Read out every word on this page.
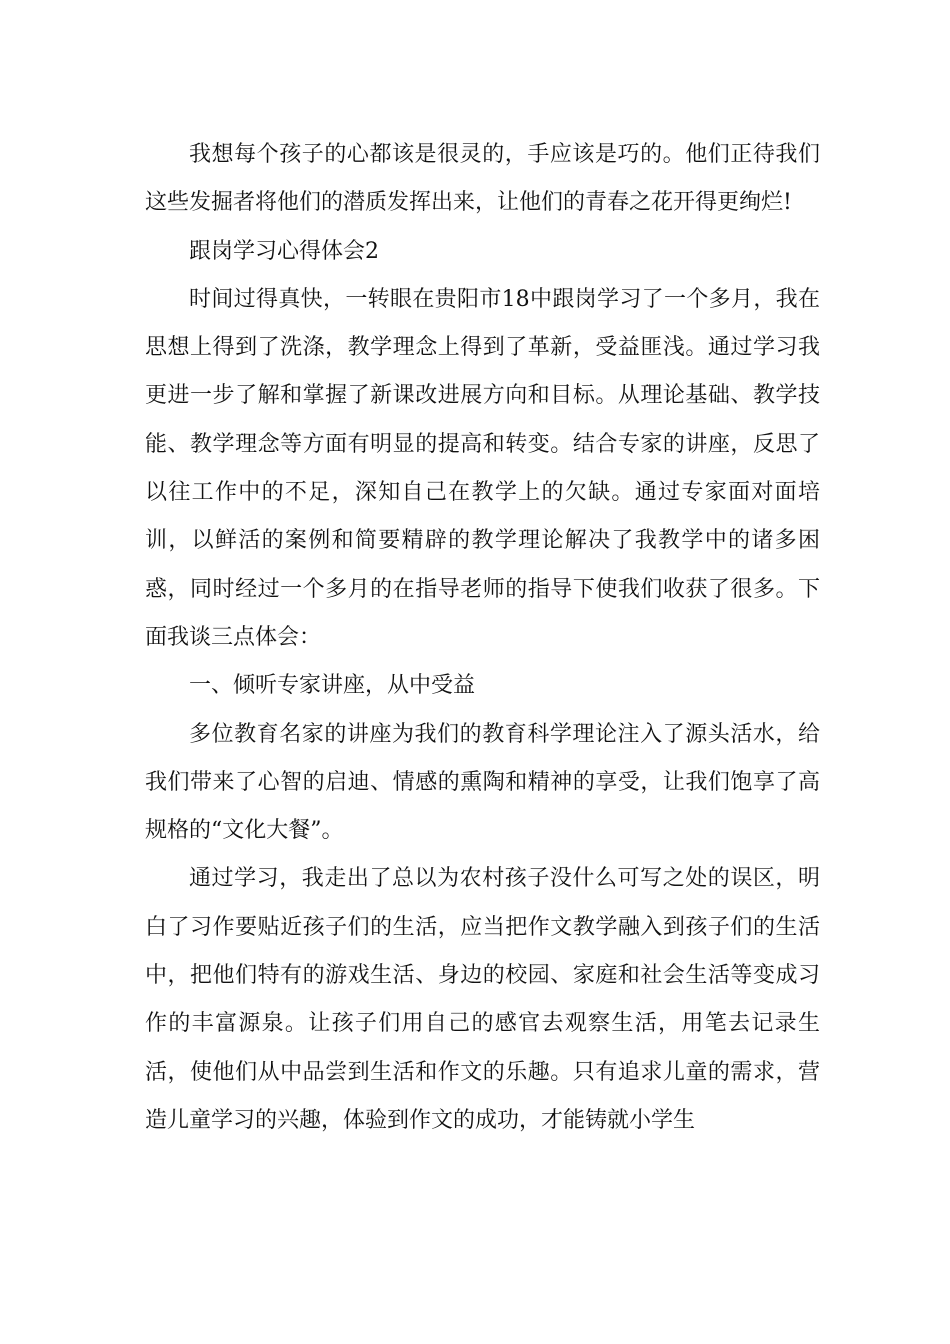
我想每个孩子的心都该是很灵的，手应该是巧的。他们正待我们这些发掘者将他们的潜质发挥出来，让他们的青春之花开得更绚烂!

跟岗学习心得体会2

时间过得真快，一转眼在贵阳市18中跟岗学习了一个多月，我在思想上得到了洗涤，教学理念上得到了革新，受益匪浅。通过学习我更进一步了解和掌握了新课改进展方向和目标。从理论基础、教学技能、教学理念等方面有明显的提高和转变。结合专家的讲座，反思了以往工作中的不足，深知自己在教学上的欠缺。通过专家面对面培训，以鲜活的案例和简要精辟的教学理论解决了我教学中的诸多困惑，同时经过一个多月的在指导老师的指导下使我们收获了很多。下面我谈三点体会：

一、倾听专家讲座，从中受益

多位教育名家的讲座为我们的教育科学理论注入了源头活水，给我们带来了心智的启迪、情感的熏陶和精神的享受，让我们饱享了高规格的“文化大餐”。

通过学习，我走出了总以为农村孩子没什么可写之处的误区，明白了习作要贴近孩子们的生活，应当把作文教学融入到孩子们的生活中，把他们特有的游戏生活、身边的校园、家庭和社会生活等变成习作的丰富源泉。让孩子们用自己的感官去观察生活，用笔去记录生活，使他们从中品尝到生活和作文的乐趣。只有追求儿童的需求，营造儿童学习的兴趣，体验到作文的成功，才能铸就小学生
